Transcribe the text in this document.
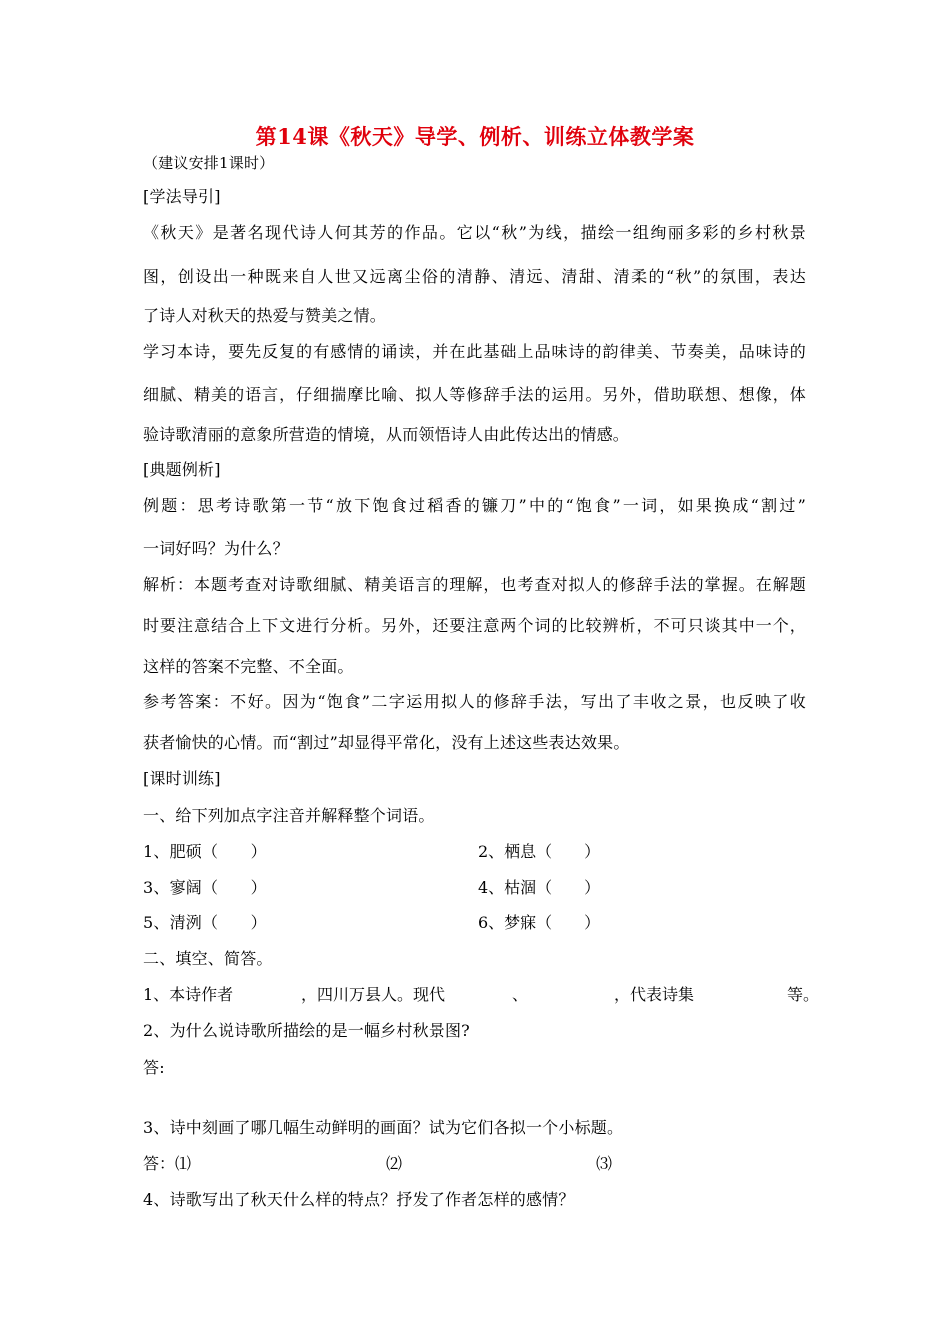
第14课《秋天》导学、例析、训练立体教学案
（建议安排1课时）
[学法导引]
《秋天》是著名现代诗人何其芳的作品。它以“秋”为线，描绘一组绚丽多彩的乡村秋景
图，创设出一种既来自人世又远离尘俗的清静、清远、清甜、清柔的“秋”的氛围，表达
了诗人对秋天的热爱与赞美之情。
学习本诗，要先反复的有感情的诵读，并在此基础上品味诗的韵律美、节奏美，品味诗的
细腻、精美的语言，仔细揣摩比喻、拟人等修辞手法的运用。另外，借助联想、想像，体
验诗歌清丽的意象所营造的情境，从而领悟诗人由此传达出的情感。
[典题例析]
例题：思考诗歌第一节“放下饱食过稻香的镰刀”中的“饱食”一词，如果换成“割过”
一词好吗？为什么？
解析：本题考查对诗歌细腻、精美语言的理解，也考查对拟人的修辞手法的掌握。在解题
时要注意结合上下文进行分析。另外，还要注意两个词的比较辨析，不可只谈其中一个，
这样的答案不完整、不全面。
参考答案：不好。因为“饱食”二字运用拟人的修辞手法，写出了丰收之景，也反映了收
获者愉快的心情。而“割过”却显得平常化，没有上述这些表达效果。
[课时训练]
一、给下列加点字注音并解释整个词语。
1、肥硕（　　）	2、栖息（　　）
3、寥阔（　　）	4、枯涸（　　）
5、清洌（　　）	6、梦寐（　　）
二、填空、简答。
1、本诗作者	，四川万县人。现代	、	，代表诗集	等。
2、为什么说诗歌所描绘的是一幅乡村秋景图?
答:
3、诗中刻画了哪几幅生动鲜明的画面？试为它们各拟一个小标题。
答：⑴	⑵	⑶
4、诗歌写出了秋天什么样的特点？抒发了作者怎样的感情？
